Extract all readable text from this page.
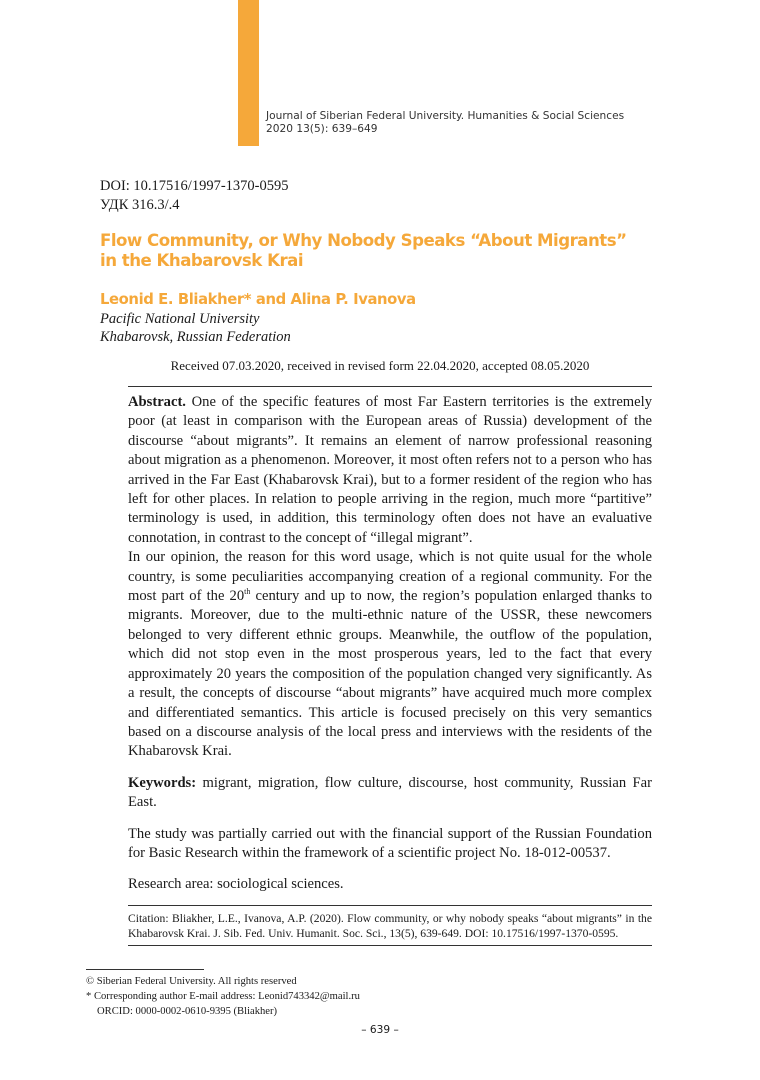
Journal of Siberian Federal University. Humanities & Social Sciences
2020 13(5): 639–649
DOI: 10.17516/1997-1370-0595
УДК 316.3/.4
Flow Community, or Why Nobody Speaks “About Migrants”
in the Khabarovsk Krai
Leonid E. Bliakher* and Alina P. Ivanova
Pacific National University
Khabarovsk, Russian Federation
Received 07.03.2020, received in revised form 22.04.2020, accepted 08.05.2020

Abstract. One of the specific features of most Far Eastern territories is the extremely poor (at least in comparison with the European areas of Russia) development of the discourse “about migrants”. It remains an element of narrow professional reasoning about migration as a phenomenon. Moreover, it most often refers not to a person who has arrived in the Far East (Khabarovsk Krai), but to a former resident of the region who has left for other places. In relation to people arriving in the region, much more “partitive” terminology is used, in addition, this terminology often does not have an evaluative connotation, in contrast to the concept of “illegal migrant”.

In our opinion, the reason for this word usage, which is not quite usual for the whole country, is some peculiarities accompanying creation of a regional community. For the most part of the 20th century and up to now, the region’s population enlarged thanks to migrants. Moreover, due to the multi-ethnic nature of the USSR, these newcomers belonged to very different ethnic groups. Meanwhile, the outflow of the population, which did not stop even in the most prosperous years, led to the fact that every approximately 20 years the composition of the population changed very significantly. As a result, the concepts of discourse “about migrants” have acquired much more complex and differentiated semantics. This article is focused precisely on this very semantics based on a discourse analysis of the local press and interviews with the residents of the Khabarovsk Krai.

Keywords: migrant, migration, flow culture, discourse, host community, Russian Far East.

The study was partially carried out with the financial support of the Russian Foundation for Basic Research within the framework of a scientific project No. 18-012-00537.

Research area: sociological sciences.

Citation: Bliakher, L.E., Ivanova, A.P. (2020). Flow community, or why nobody speaks “about migrants” in the Khabarovsk Krai. J. Sib. Fed. Univ. Humanit. Soc. Sci., 13(5), 639-649. DOI: 10.17516/1997-1370-0595.
© Siberian Federal University. All rights reserved
* Corresponding author E-mail address: Leonid743342@mail.ru
ORCID: 0000-0002-0610-9395 (Bliakher)
– 639 –
